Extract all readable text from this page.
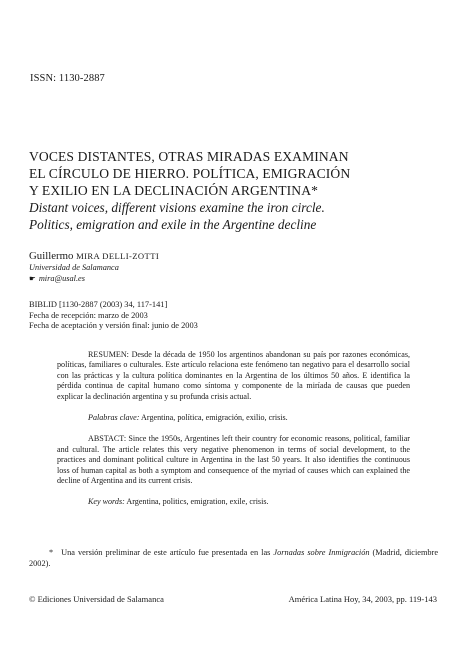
ISSN: 1130-2887
VOCES DISTANTES, OTRAS MIRADAS EXAMINAN
EL CÍRCULO DE HIERRO. POLÍTICA, EMIGRACIÓN
Y EXILIO EN LA DECLINACIÓN ARGENTINA*
Distant voices, different visions examine the iron circle.
Politics, emigration and exile in the Argentine decline
Guillermo MIRA DELLI-ZOTTI
Universidad de Salamanca
☛ mira@usal.es
BIBLID [1130-2887 (2003) 34, 117-141]
Fecha de recepción: marzo de 2003
Fecha de aceptación y versión final: junio de 2003

RESUMEN: Desde la década de 1950 los argentinos abandonan su país por razones económicas, políticas, familiares o culturales. Este artículo relaciona este fenómeno tan negativo para el desarrollo social con las prácticas y la cultura política dominantes en la Argentina de los últimos 50 años. E identifica la pérdida continua de capital humano como síntoma y componente de la miríada de causas que pueden explicar la declinación argentina y su profunda crisis actual.

Palabras clave: Argentina, política, emigración, exilio, crisis.

ABSTACT: Since the 1950s, Argentines left their country for economic reasons, political, familiar and cultural. The article relates this very negative phenomenon in terms of social development, to the practices and dominant political culture in Argentina in the last 50 years. It also identifies the continuous loss of human capital as both a symptom and consequence of the myriad of causes which can explained the decline of Argentina and its current crisis.

Key words: Argentina, politics, emigration, exile, crisis.

* Una versión preliminar de este artículo fue presentada en las Jornadas sobre Inmigración (Madrid, diciembre 2002).

© Ediciones Universidad de Salamanca	América Latina Hoy, 34, 2003, pp. 119-143
